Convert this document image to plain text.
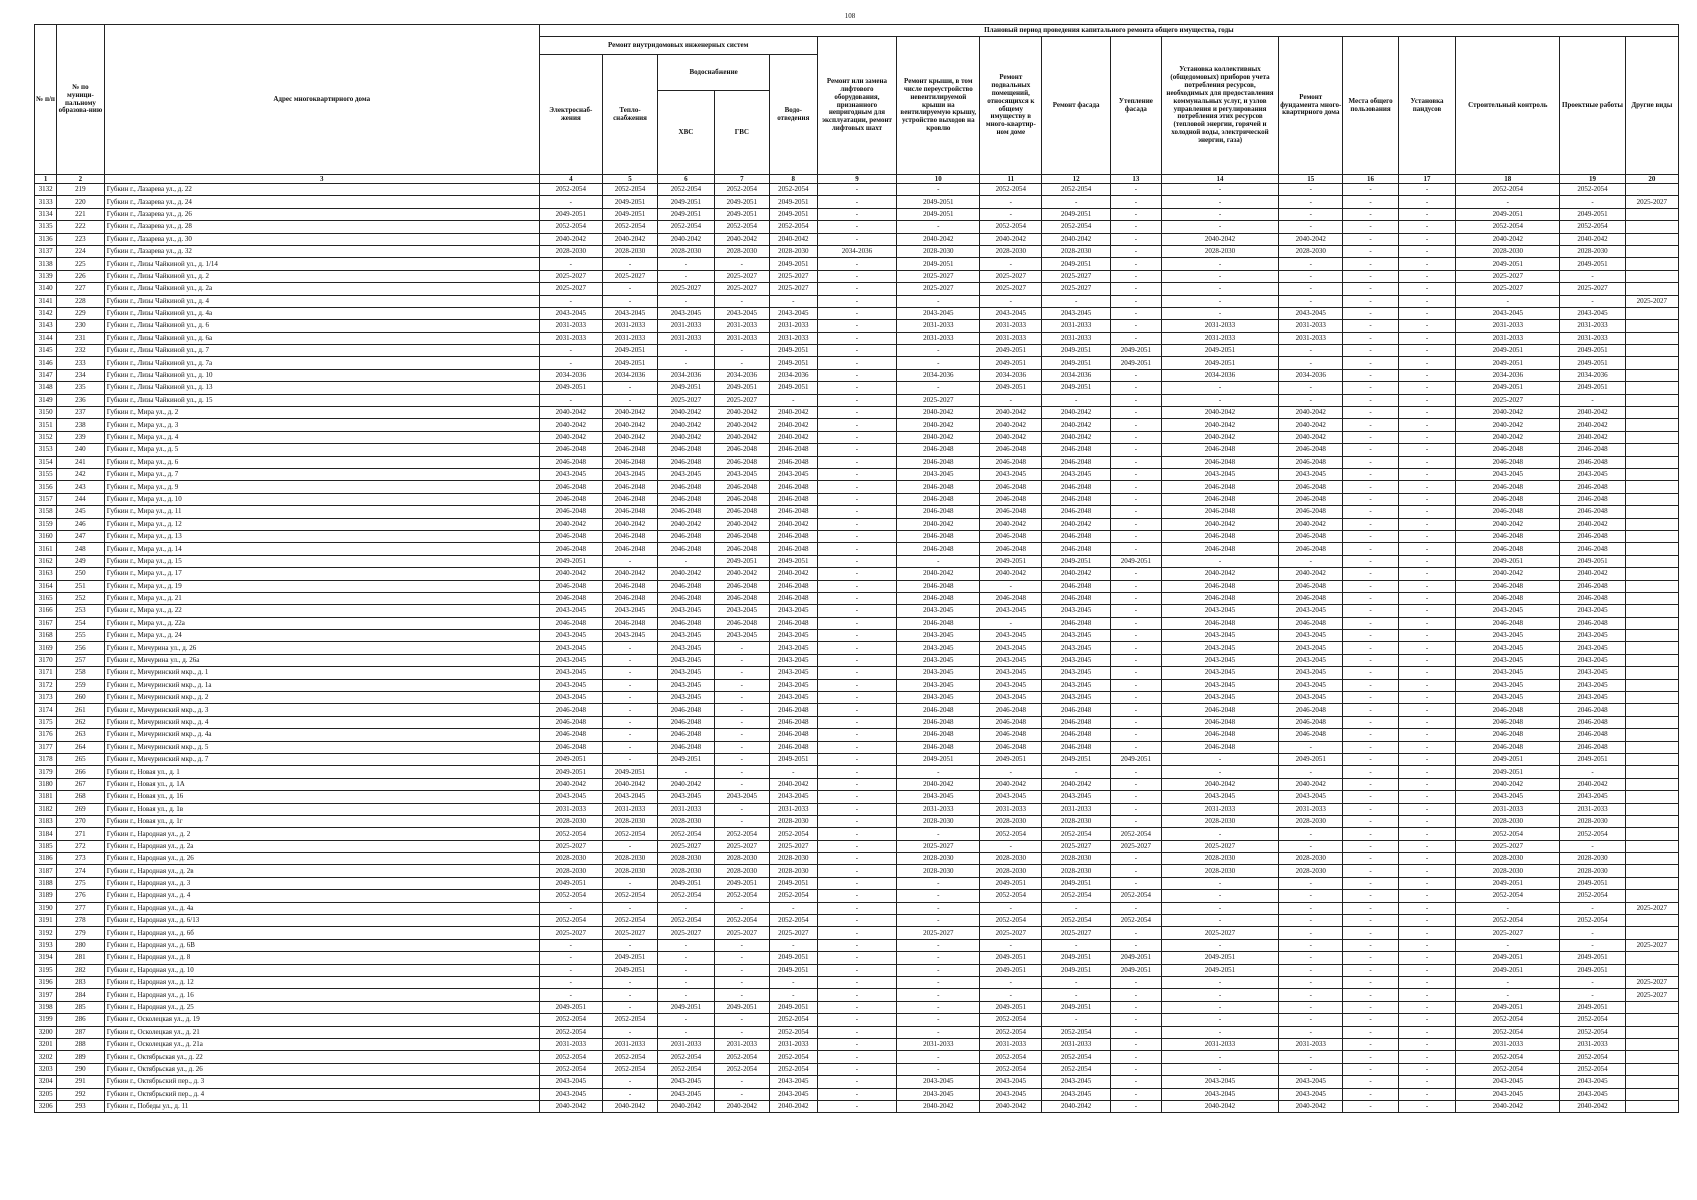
108
№ п/п	№ по муници-пальному образова-нию	Адрес многоквартирного дома	Плановый период проведения капитального ремонта общего имущества, годы																
			Ремонт внутридомовых инженерных систем					Ремонт или замена лифтового оборудования, признанного непригодным для эксплуатации, ремонт лифтовых шахт	Ремонт крыши, в том числе переустройство невентилируемой крыши на вентилируемую крышу, устройство выходов на кровлю	Ремонт подвальных помещений, относящихся к общему имуществу в много-квартир-ном доме	Ремонт фасада	Утепление фасада	Установка коллективных (общедомовых) приборов учета потребления ресурсов, необходимых для предоставления коммунальных услуг, и узлов управления и регулирования потребления этих ресурсов (тепловой энергии, горячей и холодной воды, электрической энергии, газа)	Ремонт фундамента много-квартирного дома	Места общего пользования	Установка пандусов	Строительный контроль	Проектные работы	Другие виды
			Электроснаб-жения	Тепло-снабжения	Водоснабжение		Водо-отведения												
					ХВС	ГВС													
1	2	3	4	5	6	7	8	9	10	11	12	13	14	15	16	17	18	19	20
3132	219	Губкин г., Лазарева ул., д. 22	2052-2054	2052-2054	2052-2054	2052-2054	2052-2054	-	-	2052-2054	2052-2054	-	-	-	-	-	2052-2054	2052-2054	
3133	220	Губкин г., Лазарева ул., д. 24	-	2049-2051	2049-2051	2049-2051	2049-2051	-	2049-2051	-	-	-	-	-	-	-	-	-	2025-2027
3134	221	Губкин г., Лазарева ул., д. 26	2049-2051	2049-2051	2049-2051	2049-2051	2049-2051	-	2049-2051	-	2049-2051	-	-	-	-	-	2049-2051	2049-2051	
3135	222	Губкин г., Лазарева ул., д. 28	2052-2054	2052-2054	2052-2054	2052-2054	2052-2054	-	-	2052-2054	2052-2054	-	-	-	-	-	2052-2054	2052-2054	
3136	223	Губкин г., Лазарева ул., д. 30	2040-2042	2040-2042	2040-2042	2040-2042	2040-2042	-	2040-2042	2040-2042	2040-2042	-	2040-2042	2040-2042	-	-	2040-2042	2040-2042	
3137	224	Губкин г., Лазарева ул., д. 32	2028-2030	2028-2030	2028-2030	2028-2030	2028-2030	2034-2036	2028-2030	2028-2030	2028-2030	-	2028-2030	2028-2030	-	-	2028-2030	2028-2030	
3138	225	Губкин г., Лизы Чайкиной ул., д. 1/14	-	-	-	-	2049-2051	-	2049-2051	-	2049-2051	-	-	-	-	-	2049-2051	2049-2051	
3139	226	Губкин г., Лизы Чайкиной ул., д. 2	2025-2027	2025-2027	-	2025-2027	2025-2027	-	2025-2027	2025-2027	2025-2027	-	-	-	-	-	2025-2027	-	
3140	227	Губкин г., Лизы Чайкиной ул., д. 2а	2025-2027	-	2025-2027	2025-2027	2025-2027	-	2025-2027	2025-2027	2025-2027	-	-	-	-	-	2025-2027	2025-2027	
3141	228	Губкин г., Лизы Чайкиной ул., д. 4	-	-	-	-	-	-	-	-	-	-	-	-	-	-	-	-	2025-2027
3142	229	Губкин г., Лизы Чайкиной ул., д. 4а	2043-2045	2043-2045	2043-2045	2043-2045	2043-2045	-	2043-2045	2043-2045	2043-2045	-	-	2043-2045	-	-	2043-2045	2043-2045	
3143	230	Губкин г., Лизы Чайкиной ул., д. 6	2031-2033	2031-2033	2031-2033	2031-2033	2031-2033	-	2031-2033	2031-2033	2031-2033	-	2031-2033	2031-2033	-	-	2031-2033	2031-2033	
3144	231	Губкин г., Лизы Чайкиной ул., д. 6а	2031-2033	2031-2033	2031-2033	2031-2033	2031-2033	-	2031-2033	2031-2033	2031-2033	-	2031-2033	2031-2033	-	-	2031-2033	2031-2033	
3145	232	Губкин г., Лизы Чайкиной ул., д. 7	-	2049-2051	-	-	2049-2051	-	-	2049-2051	2049-2051	2049-2051	2049-2051	-	-	-	2049-2051	2049-2051	
3146	233	Губкин г., Лизы Чайкиной ул., д. 7а	-	2049-2051	-	-	2049-2051	-	-	2049-2051	2049-2051	2049-2051	2049-2051	-	-	-	2049-2051	2049-2051	
3147	234	Губкин г., Лизы Чайкиной ул., д. 10	2034-2036	2034-2036	2034-2036	2034-2036	2034-2036	-	2034-2036	2034-2036	2034-2036	-	2034-2036	2034-2036	-	-	2034-2036	2034-2036	
3148	235	Губкин г., Лизы Чайкиной ул., д. 13	2049-2051	-	2049-2051	2049-2051	2049-2051	-	-	2049-2051	2049-2051	-	-	-	-	-	2049-2051	2049-2051	
3149	236	Губкин г., Лизы Чайкиной ул., д. 15	-	-	2025-2027	2025-2027	-	-	2025-2027	-	-	-	-	-	-	-	2025-2027	-	
3150	237	Губкин г., Мира ул., д. 2	2040-2042	2040-2042	2040-2042	2040-2042	2040-2042	-	2040-2042	2040-2042	2040-2042	-	2040-2042	2040-2042	-	-	2040-2042	2040-2042	
3151	238	Губкин г., Мира ул., д. 3	2040-2042	2040-2042	2040-2042	2040-2042	2040-2042	-	2040-2042	2040-2042	2040-2042	-	2040-2042	2040-2042	-	-	2040-2042	2040-2042	
3152	239	Губкин г., Мира ул., д. 4	2040-2042	2040-2042	2040-2042	2040-2042	2040-2042	-	2040-2042	2040-2042	2040-2042	-	2040-2042	2040-2042	-	-	2040-2042	2040-2042	
3153	240	Губкин г., Мира ул., д. 5	2046-2048	2046-2048	2046-2048	2046-2048	2046-2048	-	2046-2048	2046-2048	2046-2048	-	2046-2048	2046-2048	-	-	2046-2048	2046-2048	
3154	241	Губкин г., Мира ул., д. 6	2046-2048	2046-2048	2046-2048	2046-2048	2046-2048	-	2046-2048	2046-2048	2046-2048	-	2046-2048	2046-2048	-	-	2046-2048	2046-2048	
3155	242	Губкин г., Мира ул., д. 7	2043-2045	2043-2045	2043-2045	2043-2045	2043-2045	-	2043-2045	2043-2045	2043-2045	-	2043-2045	2043-2045	-	-	2043-2045	2043-2045	
3156	243	Губкин г., Мира ул., д. 9	2046-2048	2046-2048	2046-2048	2046-2048	2046-2048	-	2046-2048	2046-2048	2046-2048	-	2046-2048	2046-2048	-	-	2046-2048	2046-2048	
3157	244	Губкин г., Мира ул., д. 10	2046-2048	2046-2048	2046-2048	2046-2048	2046-2048	-	2046-2048	2046-2048	2046-2048	-	2046-2048	2046-2048	-	-	2046-2048	2046-2048	
3158	245	Губкин г., Мира ул., д. 11	2046-2048	2046-2048	2046-2048	2046-2048	2046-2048	-	2046-2048	2046-2048	2046-2048	-	2046-2048	2046-2048	-	-	2046-2048	2046-2048	
3159	246	Губкин г., Мира ул., д. 12	2040-2042	2040-2042	2040-2042	2040-2042	2040-2042	-	2040-2042	2040-2042	2040-2042	-	2040-2042	2040-2042	-	-	2040-2042	2040-2042	
3160	247	Губкин г., Мира ул., д. 13	2046-2048	2046-2048	2046-2048	2046-2048	2046-2048	-	2046-2048	2046-2048	2046-2048	-	2046-2048	2046-2048	-	-	2046-2048	2046-2048	
3161	248	Губкин г., Мира ул., д. 14	2046-2048	2046-2048	2046-2048	2046-2048	2046-2048	-	2046-2048	2046-2048	2046-2048	-	2046-2048	2046-2048	-	-	2046-2048	2046-2048	
3162	249	Губкин г., Мира ул., д. 15	2049-2051	-	-	2049-2051	2049-2051	-	-	2049-2051	2049-2051	2049-2051	-	-	-	-	2049-2051	2049-2051	
3163	250	Губкин г., Мира ул., д. 17	2040-2042	2040-2042	2040-2042	2040-2042	2040-2042	-	2040-2042	2040-2042	2040-2042	-	2040-2042	2040-2042	-	-	2040-2042	2040-2042	
3164	251	Губкин г., Мира ул., д. 19	2046-2048	2046-2048	2046-2048	2046-2048	2046-2048	-	2046-2048	-	2046-2048	-	2046-2048	2046-2048	-	-	2046-2048	2046-2048	
3165	252	Губкин г., Мира ул., д. 21	2046-2048	2046-2048	2046-2048	2046-2048	2046-2048	-	2046-2048	2046-2048	2046-2048	-	2046-2048	2046-2048	-	-	2046-2048	2046-2048	
3166	253	Губкин г., Мира ул., д. 22	2043-2045	2043-2045	2043-2045	2043-2045	2043-2045	-	2043-2045	2043-2045	2043-2045	-	2043-2045	2043-2045	-	-	2043-2045	2043-2045	
3167	254	Губкин г., Мира ул., д. 22а	2046-2048	2046-2048	2046-2048	2046-2048	2046-2048	-	2046-2048	-	2046-2048	-	2046-2048	2046-2048	-	-	2046-2048	2046-2048	
3168	255	Губкин г., Мира ул., д. 24	2043-2045	2043-2045	2043-2045	2043-2045	2043-2045	-	2043-2045	2043-2045	2043-2045	-	2043-2045	2043-2045	-	-	2043-2045	2043-2045	
3169	256	Губкин г., Мичурина ул., д. 26	2043-2045	-	2043-2045	-	2043-2045	-	2043-2045	2043-2045	2043-2045	-	2043-2045	2043-2045	-	-	2043-2045	2043-2045	
3170	257	Губкин г., Мичурина ул., д. 26а	2043-2045	-	2043-2045	-	2043-2045	-	2043-2045	2043-2045	2043-2045	-	2043-2045	2043-2045	-	-	2043-2045	2043-2045	
3171	258	Губкин г., Мичуринский мкр., д. 1	2043-2045	-	2043-2045	-	2043-2045	-	2043-2045	2043-2045	2043-2045	-	2043-2045	2043-2045	-	-	2043-2045	2043-2045	
3172	259	Губкин г., Мичуринский мкр., д. 1а	2043-2045	-	2043-2045	-	2043-2045	-	2043-2045	2043-2045	2043-2045	-	2043-2045	2043-2045	-	-	2043-2045	2043-2045	
3173	260	Губкин г., Мичуринский мкр., д. 2	2043-2045	-	2043-2045	-	2043-2045	-	2043-2045	2043-2045	2043-2045	-	2043-2045	2043-2045	-	-	2043-2045	2043-2045	
3174	261	Губкин г., Мичуринский мкр., д. 3	2046-2048	-	2046-2048	-	2046-2048	-	2046-2048	2046-2048	2046-2048	-	2046-2048	2046-2048	-	-	2046-2048	2046-2048	
3175	262	Губкин г., Мичуринский мкр., д. 4	2046-2048	-	2046-2048	-	2046-2048	-	2046-2048	2046-2048	2046-2048	-	2046-2048	2046-2048	-	-	2046-2048	2046-2048	
3176	263	Губкин г., Мичуринский мкр., д. 4а	2046-2048	-	2046-2048	-	2046-2048	-	2046-2048	2046-2048	2046-2048	-	2046-2048	2046-2048	-	-	2046-2048	2046-2048	
3177	264	Губкин г., Мичуринский мкр., д. 5	2046-2048	-	2046-2048	-	2046-2048	-	2046-2048	2046-2048	2046-2048	-	2046-2048	-	-	-	2046-2048	2046-2048	
3178	265	Губкин г., Мичуринский мкр., д. 7	2049-2051	-	2049-2051	-	2049-2051	-	2049-2051	2049-2051	2049-2051	2049-2051	-	2049-2051	-	-	2049-2051	2049-2051	
3179	266	Губкин г., Новая ул., д. 1	2049-2051	2049-2051	-	-	-	-	-	-	-	-	-	-	-	-	2049-2051	-	
3180	267	Губкин г., Новая ул., д. 1А	2040-2042	2040-2042	2040-2042	-	2040-2042	-	2040-2042	2040-2042	2040-2042	-	2040-2042	2040-2042	-	-	2040-2042	2040-2042	
3181	268	Губкин г., Новая ул., д. 16	2043-2045	2043-2045	2043-2045	2043-2045	2043-2045	-	2043-2045	2043-2045	2043-2045	-	2043-2045	2043-2045	-	-	2043-2045	2043-2045	
3182	269	Губкин г., Новая ул., д. 1в	2031-2033	2031-2033	2031-2033	-	2031-2033	-	2031-2033	2031-2033	2031-2033	-	2031-2033	2031-2033	-	-	2031-2033	2031-2033	
3183	270	Губкин г., Новая ул., д. 1г	2028-2030	2028-2030	2028-2030	-	2028-2030	-	2028-2030	2028-2030	2028-2030	-	2028-2030	2028-2030	-	-	2028-2030	2028-2030	
3184	271	Губкин г., Народная ул., д. 2	2052-2054	2052-2054	2052-2054	2052-2054	2052-2054	-	-	2052-2054	2052-2054	2052-2054	-	-	-	-	2052-2054	2052-2054	
3185	272	Губкин г., Народная ул., д. 2а	2025-2027	-	2025-2027	2025-2027	2025-2027	-	2025-2027	-	2025-2027	2025-2027	2025-2027	-	-	-	2025-2027	-	
3186	273	Губкин г., Народная ул., д. 26	2028-2030	2028-2030	2028-2030	2028-2030	2028-2030	-	2028-2030	2028-2030	2028-2030	-	2028-2030	2028-2030	-	-	2028-2030	2028-2030	
3187	274	Губкин г., Народная ул., д. 2в	2028-2030	2028-2030	2028-2030	2028-2030	2028-2030	-	2028-2030	2028-2030	2028-2030	-	2028-2030	2028-2030	-	-	2028-2030	2028-2030	
3188	275	Губкин г., Народная ул., д. 3	2049-2051	-	2049-2051	2049-2051	2049-2051	-	-	2049-2051	2049-2051	-	-	-	-	-	2049-2051	2049-2051	
3189	276	Губкин г., Народная ул., д. 4	2052-2054	2052-2054	2052-2054	2052-2054	2052-2054	-	-	2052-2054	2052-2054	2052-2054	-	-	-	-	2052-2054	2052-2054	
3190	277	Губкин г., Народная ул., д. 4а	-	-	-	-	-	-	-	-	-	-	-	-	-	-	-	-	2025-2027
3191	278	Губкин г., Народная ул., д. 6/13	2052-2054	2052-2054	2052-2054	2052-2054	2052-2054	-	-	2052-2054	2052-2054	2052-2054	-	-	-	-	2052-2054	2052-2054	
3192	279	Губкин г., Народная ул., д. 6б	2025-2027	2025-2027	2025-2027	2025-2027	2025-2027	-	2025-2027	2025-2027	2025-2027	-	2025-2027	-	-	-	2025-2027	-	
3193	280	Губкин г., Народная ул., д. 6В	-	-	-	-	-	-	-	-	-	-	-	-	-	-	-	-	2025-2027
3194	281	Губкин г., Народная ул., д. 8	-	2049-2051	-	-	2049-2051	-	-	2049-2051	2049-2051	2049-2051	2049-2051	-	-	-	2049-2051	2049-2051	
3195	282	Губкин г., Народная ул., д. 10	-	2049-2051	-	-	2049-2051	-	-	2049-2051	2049-2051	2049-2051	2049-2051	-	-	-	2049-2051	2049-2051	
3196	283	Губкин г., Народная ул., д. 12	-	-	-	-	-	-	-	-	-	-	-	-	-	-	-	-	2025-2027
3197	284	Губкин г., Народная ул., д. 16	-	-	-	-	-	-	-	-	-	-	-	-	-	-	-	-	2025-2027
3198	285	Губкин г., Народная ул., д. 25	2049-2051	-	2049-2051	2049-2051	2049-2051	-	-	2049-2051	2049-2051	-	-	-	-	-	2049-2051	2049-2051	
3199	286	Губкин г., Осколецкая ул., д. 19	2052-2054	2052-2054	-	-	2052-2054	-	-	2052-2054	-	-	-	-	-	-	2052-2054	2052-2054	
3200	287	Губкин г., Осколецкая ул., д. 21	2052-2054	-	-	-	2052-2054	-	-	2052-2054	2052-2054	-	-	-	-	-	2052-2054	2052-2054	
3201	288	Губкин г., Осколецкая ул., д. 21а	2031-2033	2031-2033	2031-2033	2031-2033	2031-2033	-	2031-2033	2031-2033	2031-2033	-	2031-2033	2031-2033	-	-	2031-2033	2031-2033	
3202	289	Губкин г., Октябрьская ул., д. 22	2052-2054	2052-2054	2052-2054	2052-2054	2052-2054	-	-	2052-2054	2052-2054	-	-	-	-	-	2052-2054	2052-2054	
3203	290	Губкин г., Октябрьская ул., д. 26	2052-2054	2052-2054	2052-2054	2052-2054	2052-2054	-	-	2052-2054	2052-2054	-	-	-	-	-	2052-2054	2052-2054	
3204	291	Губкин г., Октябрьский пер., д. 3	2043-2045	-	2043-2045	-	2043-2045	-	2043-2045	2043-2045	2043-2045	-	2043-2045	2043-2045	-	-	2043-2045	2043-2045	
3205	292	Губкин г., Октябрьский пер., д. 4	2043-2045	-	2043-2045	-	2043-2045	-	2043-2045	2043-2045	2043-2045	-	2043-2045	2043-2045	-	-	2043-2045	2043-2045	
3206	293	Губкин г., Победы ул., д. 11	2040-2042	2040-2042	2040-2042	2040-2042	2040-2042	-	2040-2042	2040-2042	2040-2042	-	2040-2042	2040-2042	-	-	2040-2042	2040-2042	
